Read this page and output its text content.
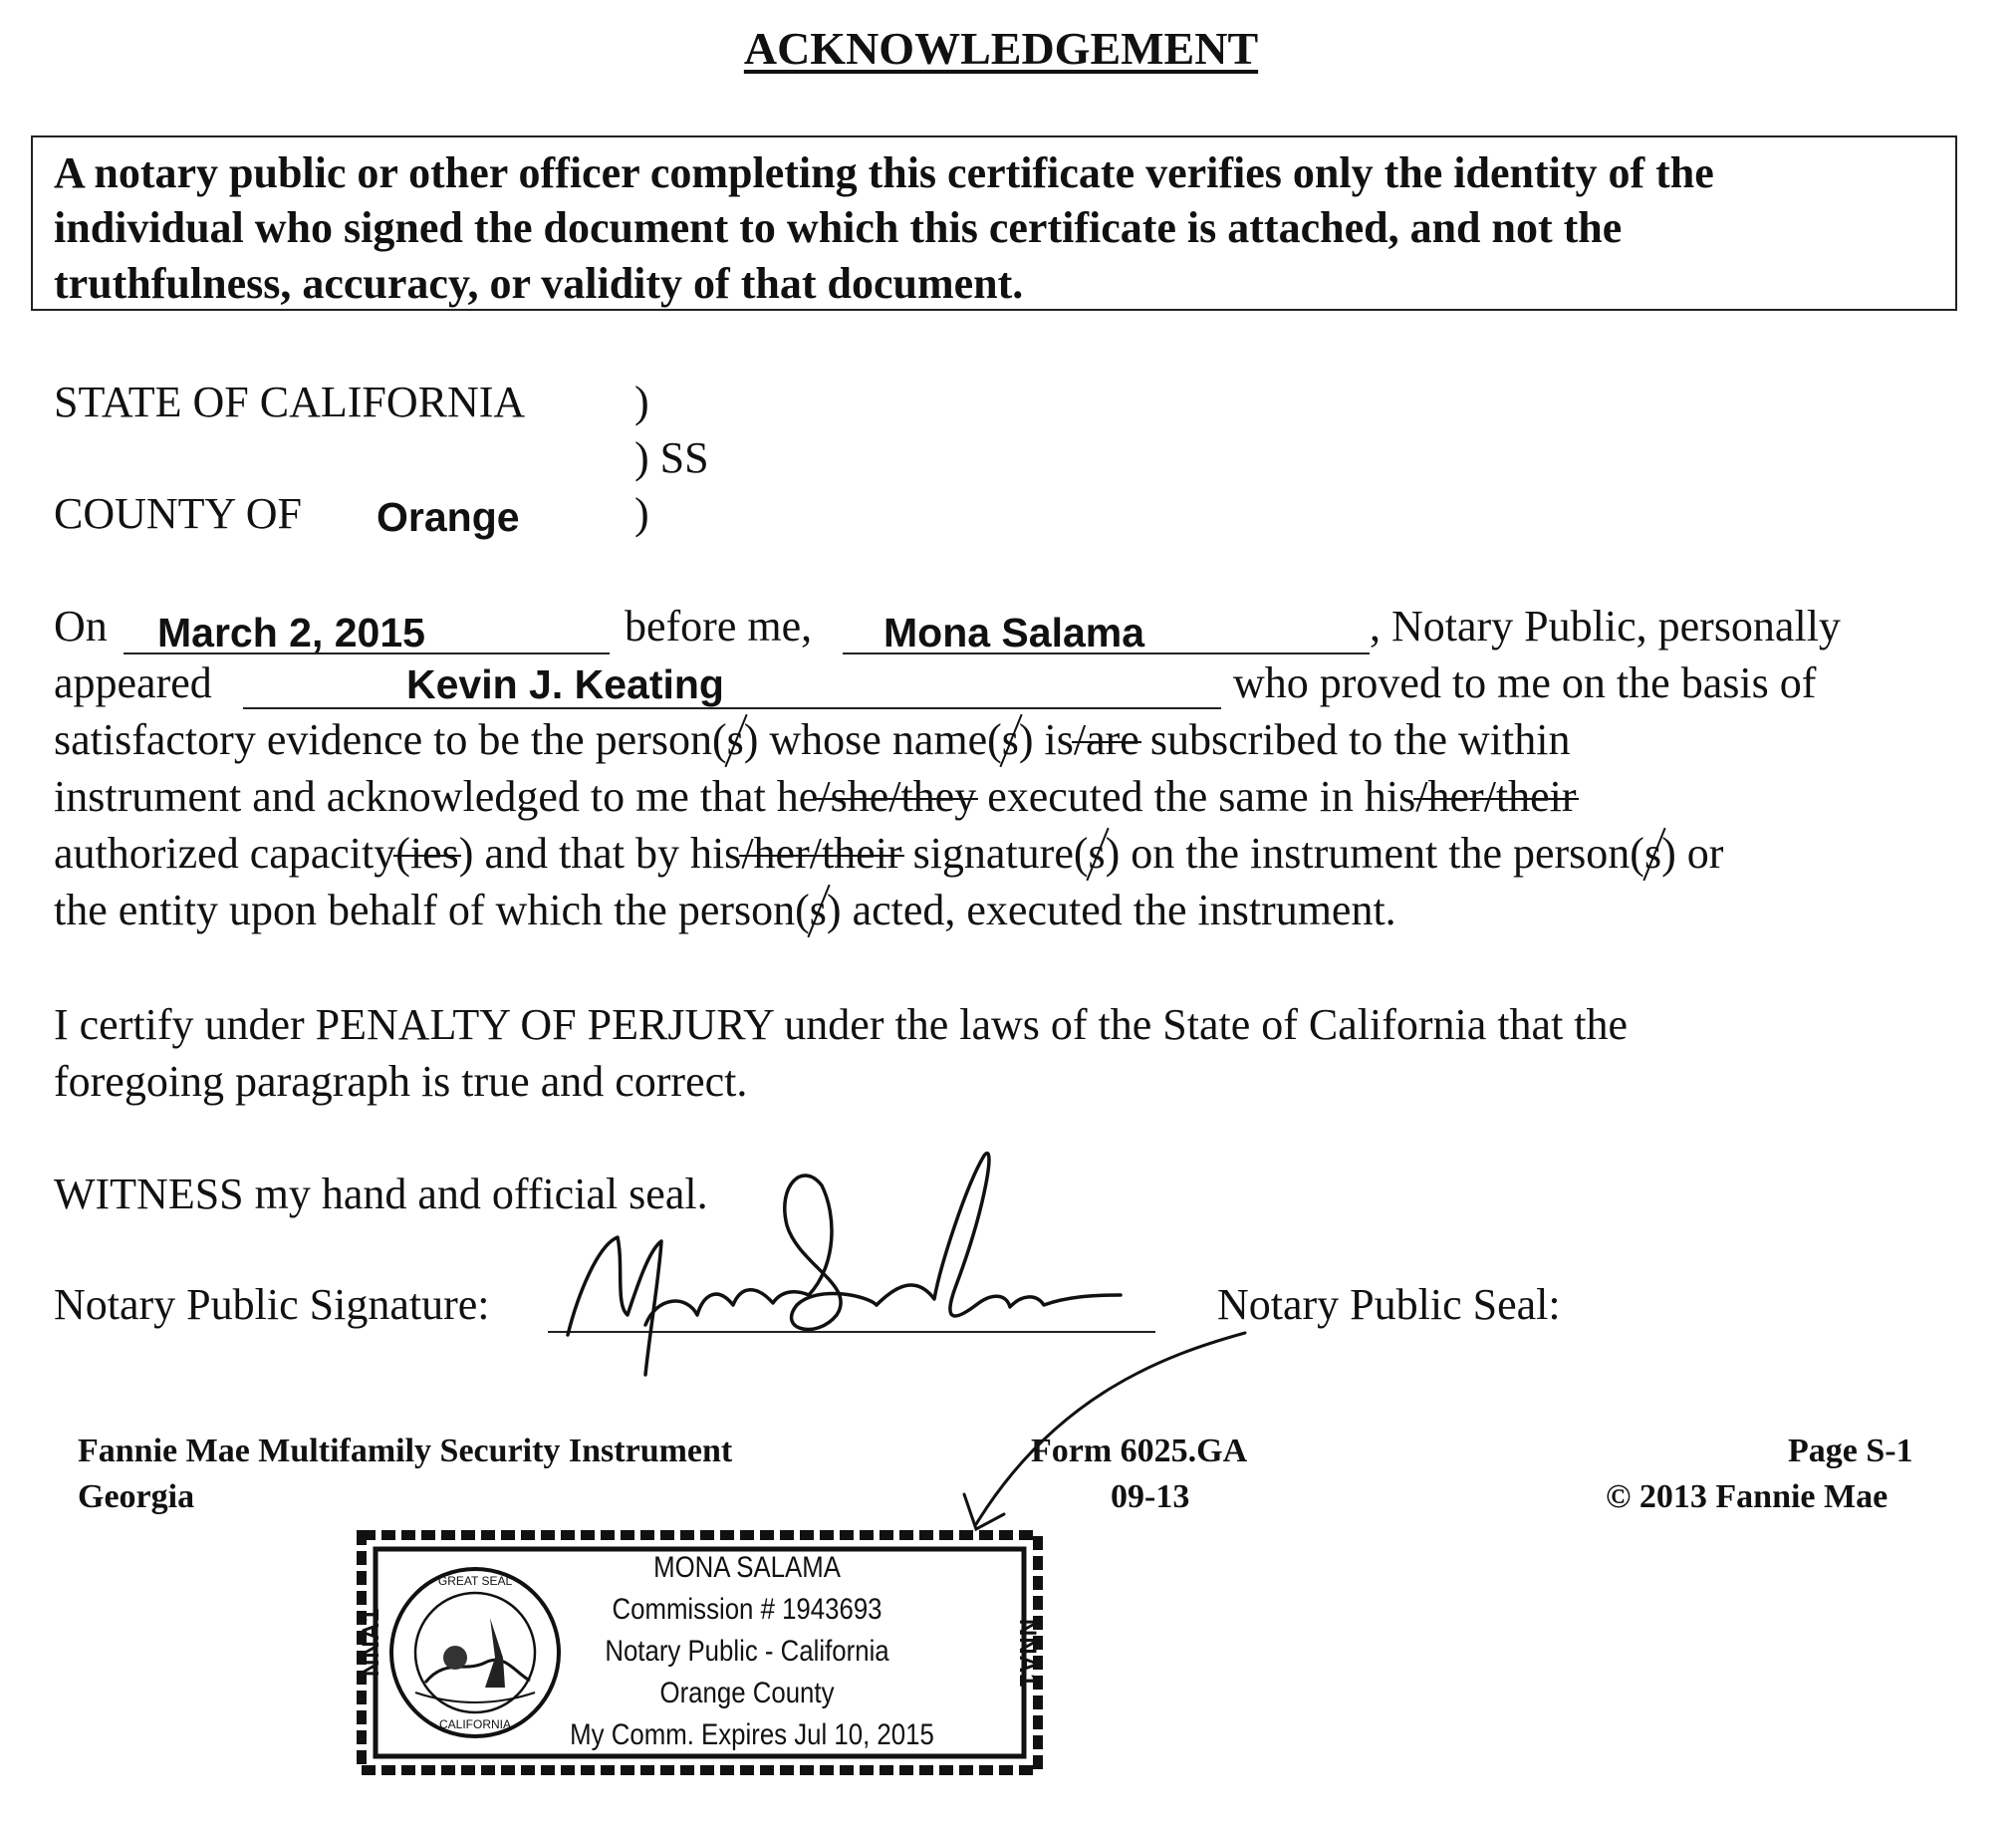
ACKNOWLEDGEMENT
A notary public or other officer completing this certificate verifies only the identity of the
individual who signed the document to which this certificate is attached, and not the
truthfulness, accuracy, or validity of that document.
STATE OF CALIFORNIA )
) SS
COUNTY OF Orange	)
On March 2, 2015	before me, Mona Salama	, Notary Public, personally
appeared	Kevin J. Keating	who proved to me on the basis of
satisfactory evidence to be the person(s) whose name(s) is/are subscribed to the within
instrument and acknowledged to me that he/she/they executed the same in his/her/their
authorized capacity(ies) and that by his/her/their signature(s) on the instrument the person(s) or
the entity upon behalf of which the person(s) acted, executed the instrument.
I certify under PENALTY OF PERJURY under the laws of the State of California that the
foregoing paragraph is true and correct.
WITNESS my hand and official seal.
Notary Public Signature:	Notary Public Seal:
Fannie Mae Multifamily Security Instrument
Georgia
Form 6025.GA
09-13
Page S-1
© 2013 Fannie Mae
GREAT SEAL
CALIFORNIA
NNA1	NNA1
MONA SALAMA
Commission # 1943693
Notary Public - California
Orange County
My Comm. Expires Jul 10, 2015
